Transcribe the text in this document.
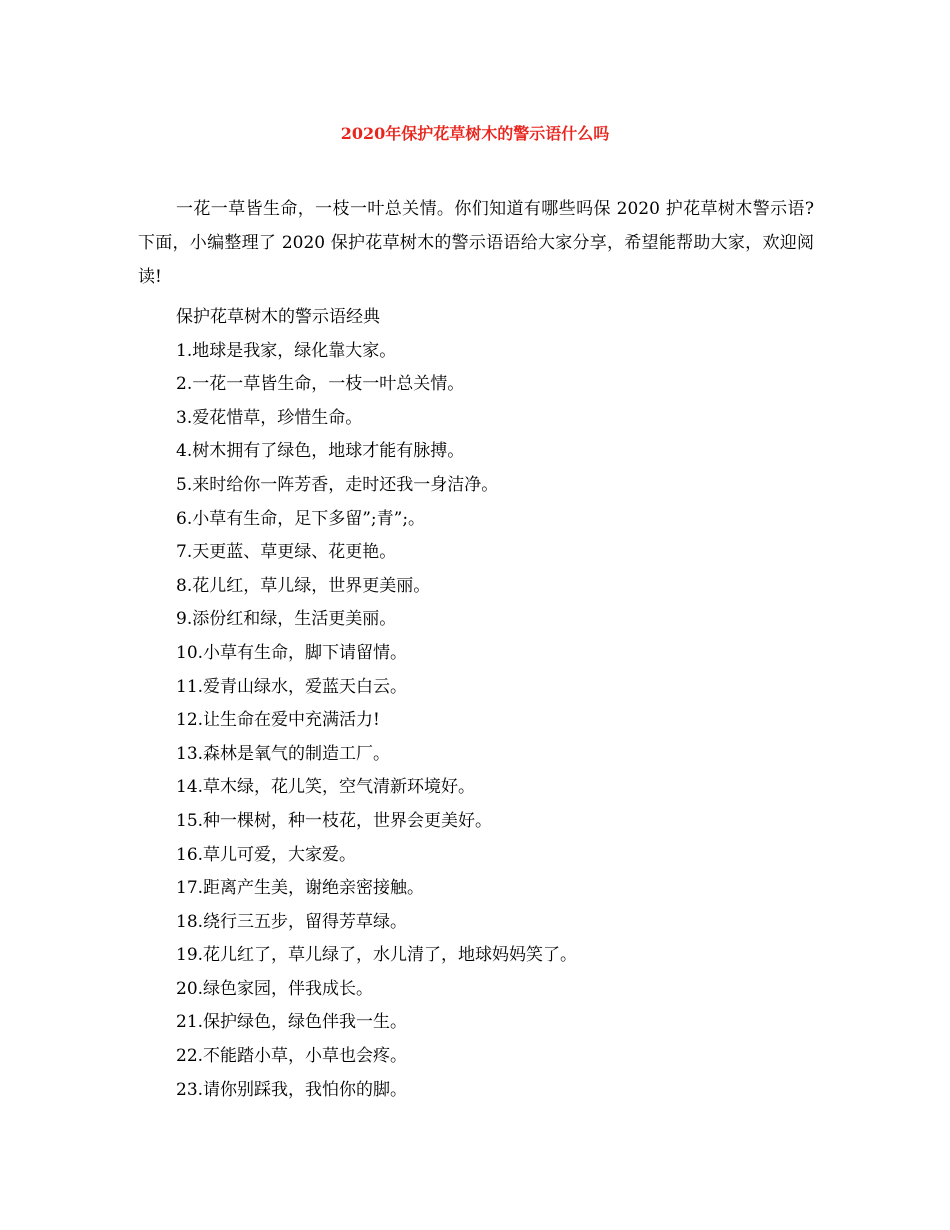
2020年保护花草树木的警示语什么吗

一花一草皆生命，一枝一叶总关情。你们知道有哪些吗保 2020 护花草树木警示语?下面，小编整理了 2020 保护花草树木的警示语语给大家分享，希望能帮助大家，欢迎阅读!

保护花草树木的警示语经典
1.地球是我家，绿化靠大家。
2.一花一草皆生命，一枝一叶总关情。
3.爱花惜草，珍惜生命。
4.树木拥有了绿色，地球才能有脉搏。
5.来时给你一阵芳香，走时还我一身洁净。
6.小草有生命，足下多留”;青”;。
7.天更蓝、草更绿、花更艳。
8.花儿红，草儿绿，世界更美丽。
9.添份红和绿，生活更美丽。
10.小草有生命，脚下请留情。
11.爱青山绿水，爱蓝天白云。
12.让生命在爱中充满活力!
13.森林是氧气的制造工厂。
14.草木绿，花儿笑，空气清新环境好。
15.种一棵树，种一枝花，世界会更美好。
16.草儿可爱，大家爱。
17.距离产生美，谢绝亲密接触。
18.绕行三五步，留得芳草绿。
19.花儿红了，草儿绿了，水儿清了，地球妈妈笑了。
20.绿色家园，伴我成长。
21.保护绿色，绿色伴我一生。
22.不能踏小草，小草也会疼。
23.请你别踩我，我怕你的脚。
